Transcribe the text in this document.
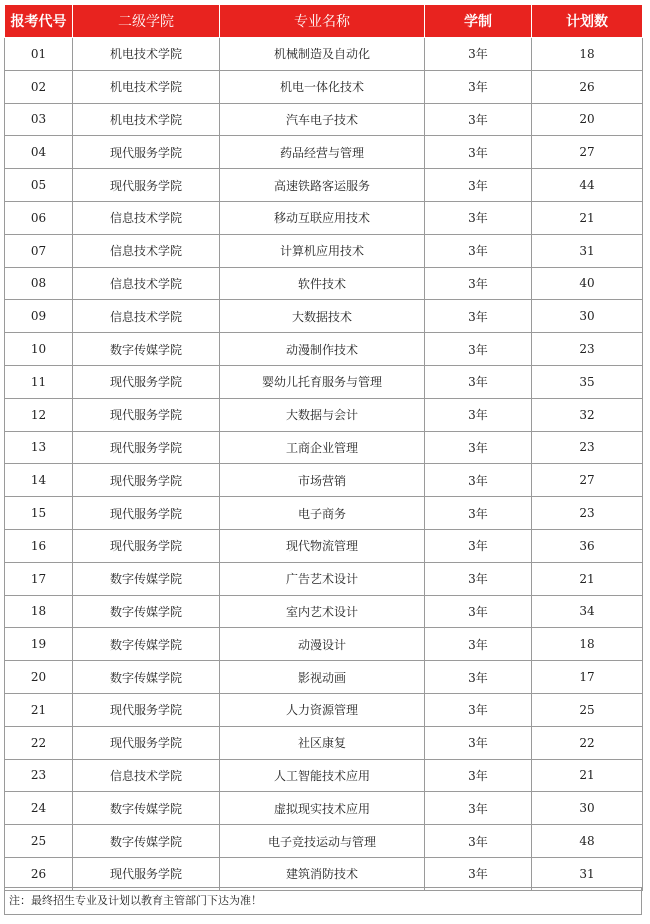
报考代号	二级学院	专业名称	学制	计划数
01	机电技术学院	机械制造及自动化	3年	18
02	机电技术学院	机电一体化技术	3年	26
03	机电技术学院	汽车电子技术	3年	20
04	现代服务学院	药品经营与管理	3年	27
05	现代服务学院	高速铁路客运服务	3年	44
06	信息技术学院	移动互联应用技术	3年	21
07	信息技术学院	计算机应用技术	3年	31
08	信息技术学院	软件技术	3年	40
09	信息技术学院	大数据技术	3年	30
10	数字传媒学院	动漫制作技术	3年	23
11	现代服务学院	婴幼儿托育服务与管理	3年	35
12	现代服务学院	大数据与会计	3年	32
13	现代服务学院	工商企业管理	3年	23
14	现代服务学院	市场营销	3年	27
15	现代服务学院	电子商务	3年	23
16	现代服务学院	现代物流管理	3年	36
17	数字传媒学院	广告艺术设计	3年	21
18	数字传媒学院	室内艺术设计	3年	34
19	数字传媒学院	动漫设计	3年	18
20	数字传媒学院	影视动画	3年	17
21	现代服务学院	人力资源管理	3年	25
22	现代服务学院	社区康复	3年	22
23	信息技术学院	人工智能技术应用	3年	21
24	数字传媒学院	虚拟现实技术应用	3年	30
25	数字传媒学院	电子竞技运动与管理	3年	48
26	现代服务学院	建筑消防技术	3年	31
注：最终招生专业及计划以教育主管部门下达为准！
